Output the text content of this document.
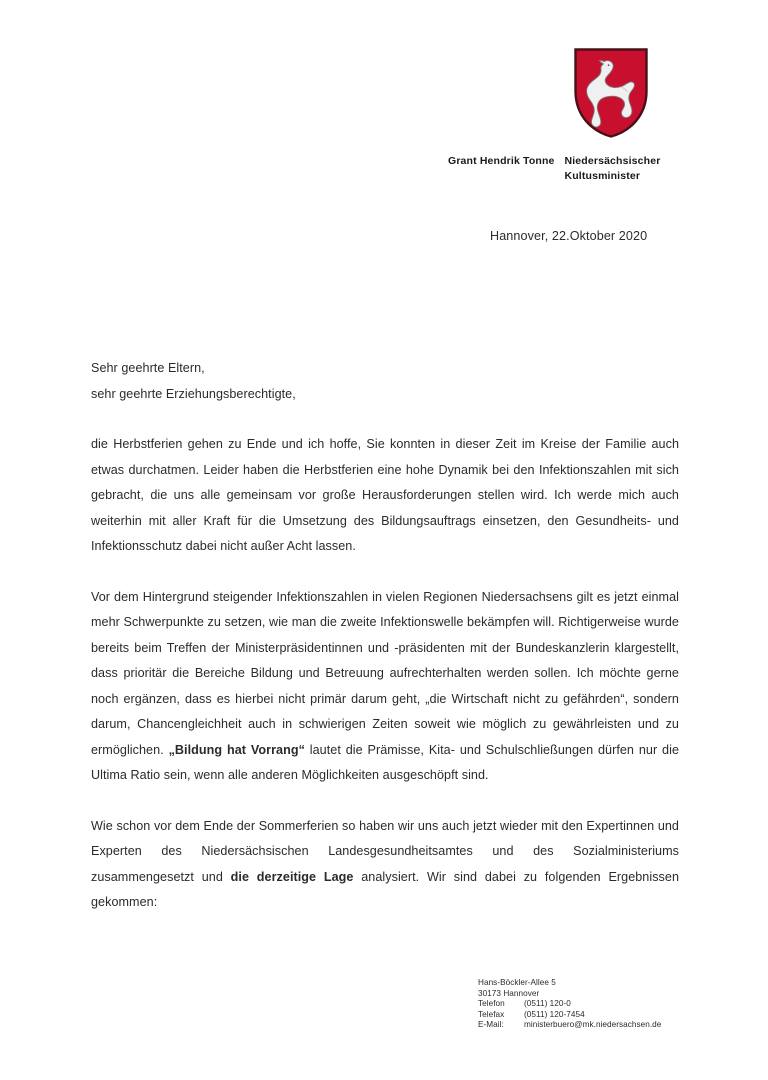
Grant Hendrik Tonne Niedersächsischer
Kultusminister
Hannover, 22.Oktober 2020
Sehr geehrte Eltern,
sehr geehrte Erziehungsberechtigte,

die Herbstferien gehen zu Ende und ich hoffe, Sie konnten in dieser Zeit im Kreise der Familie auch etwas durchatmen. Leider haben die Herbstferien eine hohe Dynamik bei den Infektionszahlen mit sich gebracht, die uns alle gemeinsam vor große Herausforderungen stellen wird. Ich werde mich auch weiterhin mit aller Kraft für die Umsetzung des Bildungsauftrags einsetzen, den Gesundheits- und Infektionsschutz dabei nicht außer Acht lassen.

Vor dem Hintergrund steigender Infektionszahlen in vielen Regionen Niedersachsens gilt es jetzt einmal mehr Schwerpunkte zu setzen, wie man die zweite Infektionswelle bekämpfen will. Richtigerweise wurde bereits beim Treffen der Ministerpräsidentinnen und -präsidenten mit der Bundeskanzlerin klargestellt, dass prioritär die Bereiche Bildung und Betreuung aufrechterhalten werden sollen. Ich möchte gerne noch ergänzen, dass es hierbei nicht primär darum geht, „die Wirtschaft nicht zu gefährden“, sondern darum, Chancengleichheit auch in schwierigen Zeiten soweit wie möglich zu gewährleisten und zu ermöglichen. „Bildung hat Vorrang“ lautet die Prämisse, Kita- und Schulschließungen dürfen nur die Ultima Ratio sein, wenn alle anderen Möglichkeiten ausgeschöpft sind.

Wie schon vor dem Ende der Sommerferien so haben wir uns auch jetzt wieder mit den Expertinnen und Experten des Niedersächsischen Landesgesundheitsamtes und des Sozialministeriums zusammengesetzt und die derzeitige Lage analysiert. Wir sind dabei zu folgenden Ergebnissen gekommen:

Hans-Böckler-Allee 5
30173 Hannover
Telefon	(0511) 120-0
Telefax	(0511) 120-7454
E-Mail:	ministerbuero@mk.niedersachsen.de
